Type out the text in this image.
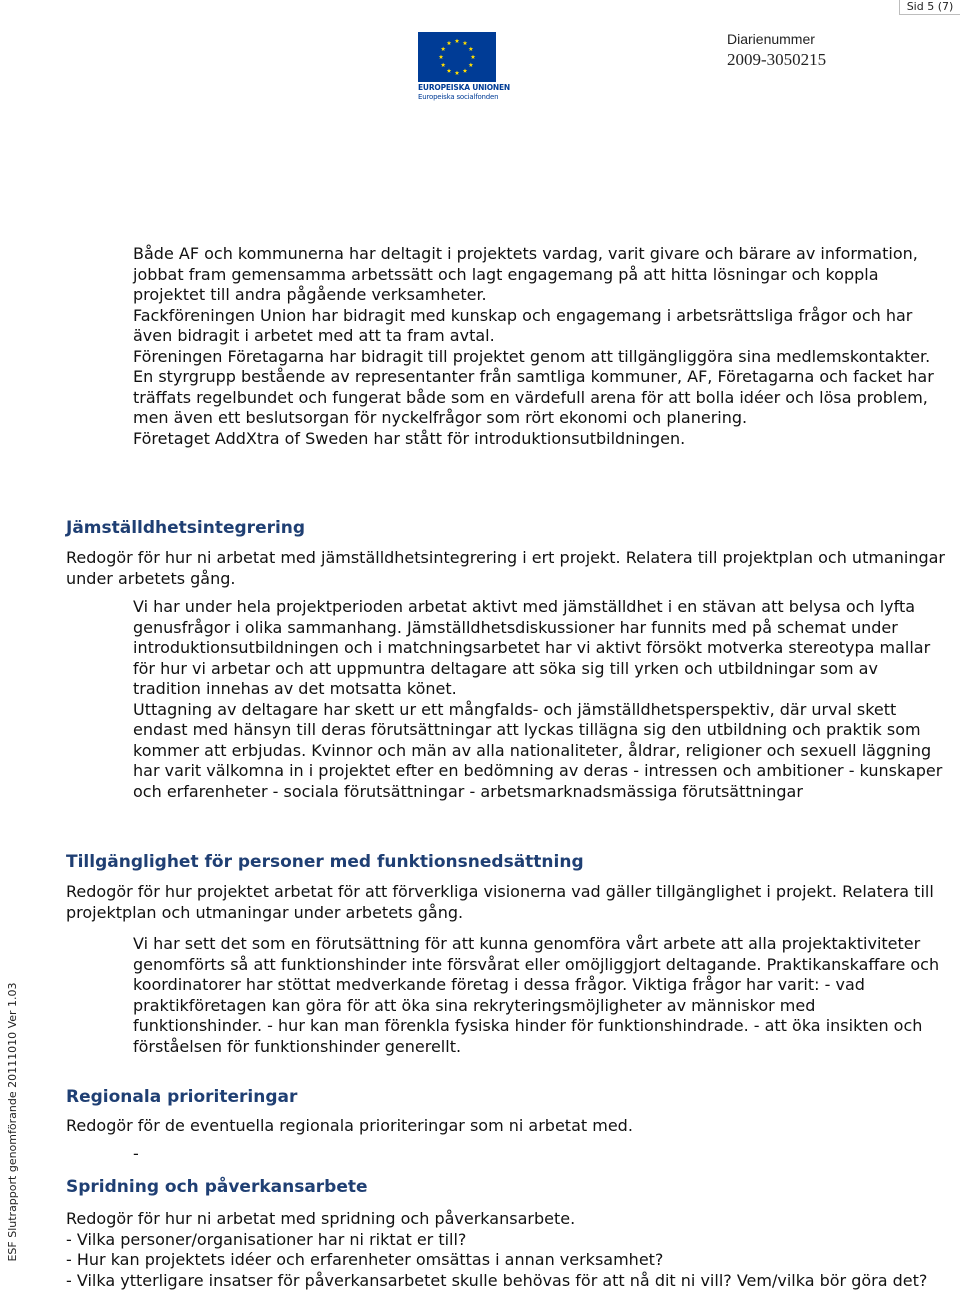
Sid 5 (7)
EUROPEISKA UNIONEN
Europeiska socialfonden
Diarienummer
2009-3050215
ESF Slutrapport genomförande 20111010 Ver 1.03

Både AF och kommunerna har deltagit i projektets vardag, varit givare och bärare av information, jobbat fram gemensamma arbetssätt och lagt engagemang på att hitta lösningar och koppla projektet till andra pågående verksamheter.

Fackföreningen Union har bidragit med kunskap och engagemang i arbetsrättsliga frågor och har även bidragit i arbetet med att ta fram avtal.

Föreningen Företagarna har bidragit till projektet genom att tillgängliggöra sina medlemskontakter.

En styrgrupp bestående av representanter från samtliga kommuner, AF, Företagarna och facket har träffats regelbundet och fungerat både som en värdefull arena för att bolla idéer och lösa problem, men även ett beslutsorgan för nyckelfrågor som rört ekonomi och planering.

Företaget AddXtra of Sweden har stått för introduktionsutbildningen.

Jämställdhetsintegrering
Redogör för hur ni arbetat med jämställdhetsintegrering i ert projekt. Relatera till projektplan och utmaningar under arbetets gång.

Vi har under hela projektperioden arbetat aktivt med jämställdhet i en stävan att belysa och lyfta genusfrågor i olika sammanhang. Jämställdhetsdiskussioner har funnits med på schemat under introduktionsutbildningen och i matchningsarbetet har vi aktivt försökt motverka stereotypa mallar för hur vi arbetar och att uppmuntra deltagare att söka sig till yrken och utbildningar som av tradition innehas av det motsatta könet.

Uttagning av deltagare har skett ur ett mångfalds- och jämställdhetsperspektiv, där urval skett endast med hänsyn till deras förutsättningar att lyckas tillägna sig den utbildning och praktik som kommer att erbjudas. Kvinnor och män av alla nationaliteter, åldrar, religioner och sexuell läggning har varit välkomna in i projektet efter en bedömning av deras - intressen och ambitioner - kunskaper och erfarenheter - sociala förutsättningar - arbetsmarknadsmässiga förutsättningar

Tillgänglighet för personer med funktionsnedsättning
Redogör för hur projektet arbetat för att förverkliga visionerna vad gäller tillgänglighet i projekt. Relatera till projektplan och utmaningar under arbetets gång.
Vi har sett det som en förutsättning för att kunna genomföra vårt arbete att alla projektaktiviteter genomförts så att funktionshinder inte försvårat eller omöjliggjort deltagande. Praktikanskaffare och koordinatorer har stöttat medverkande företag i dessa frågor. Viktiga frågor har varit: - vad praktikföretagen kan göra för att öka sina rekryteringsmöjligheter av människor med funktionshinder. - hur kan man förenkla fysiska hinder för funktionshindrade. - att öka insikten och förståelsen för funktionshinder generellt.
Regionala prioriteringar
Redogör för de eventuella regionala prioriteringar som ni arbetat med.
-
Spridning och påverkansarbete
Redogör för hur ni arbetat med spridning och påverkansarbete.
- Vilka personer/organisationer har ni riktat er till?
- Hur kan projektets idéer och erfarenheter omsättas i annan verksamhet?
- Vilka ytterligare insatser för påverkansarbetet skulle behövas för att nå dit ni vill? Vem/vilka bör göra det?
